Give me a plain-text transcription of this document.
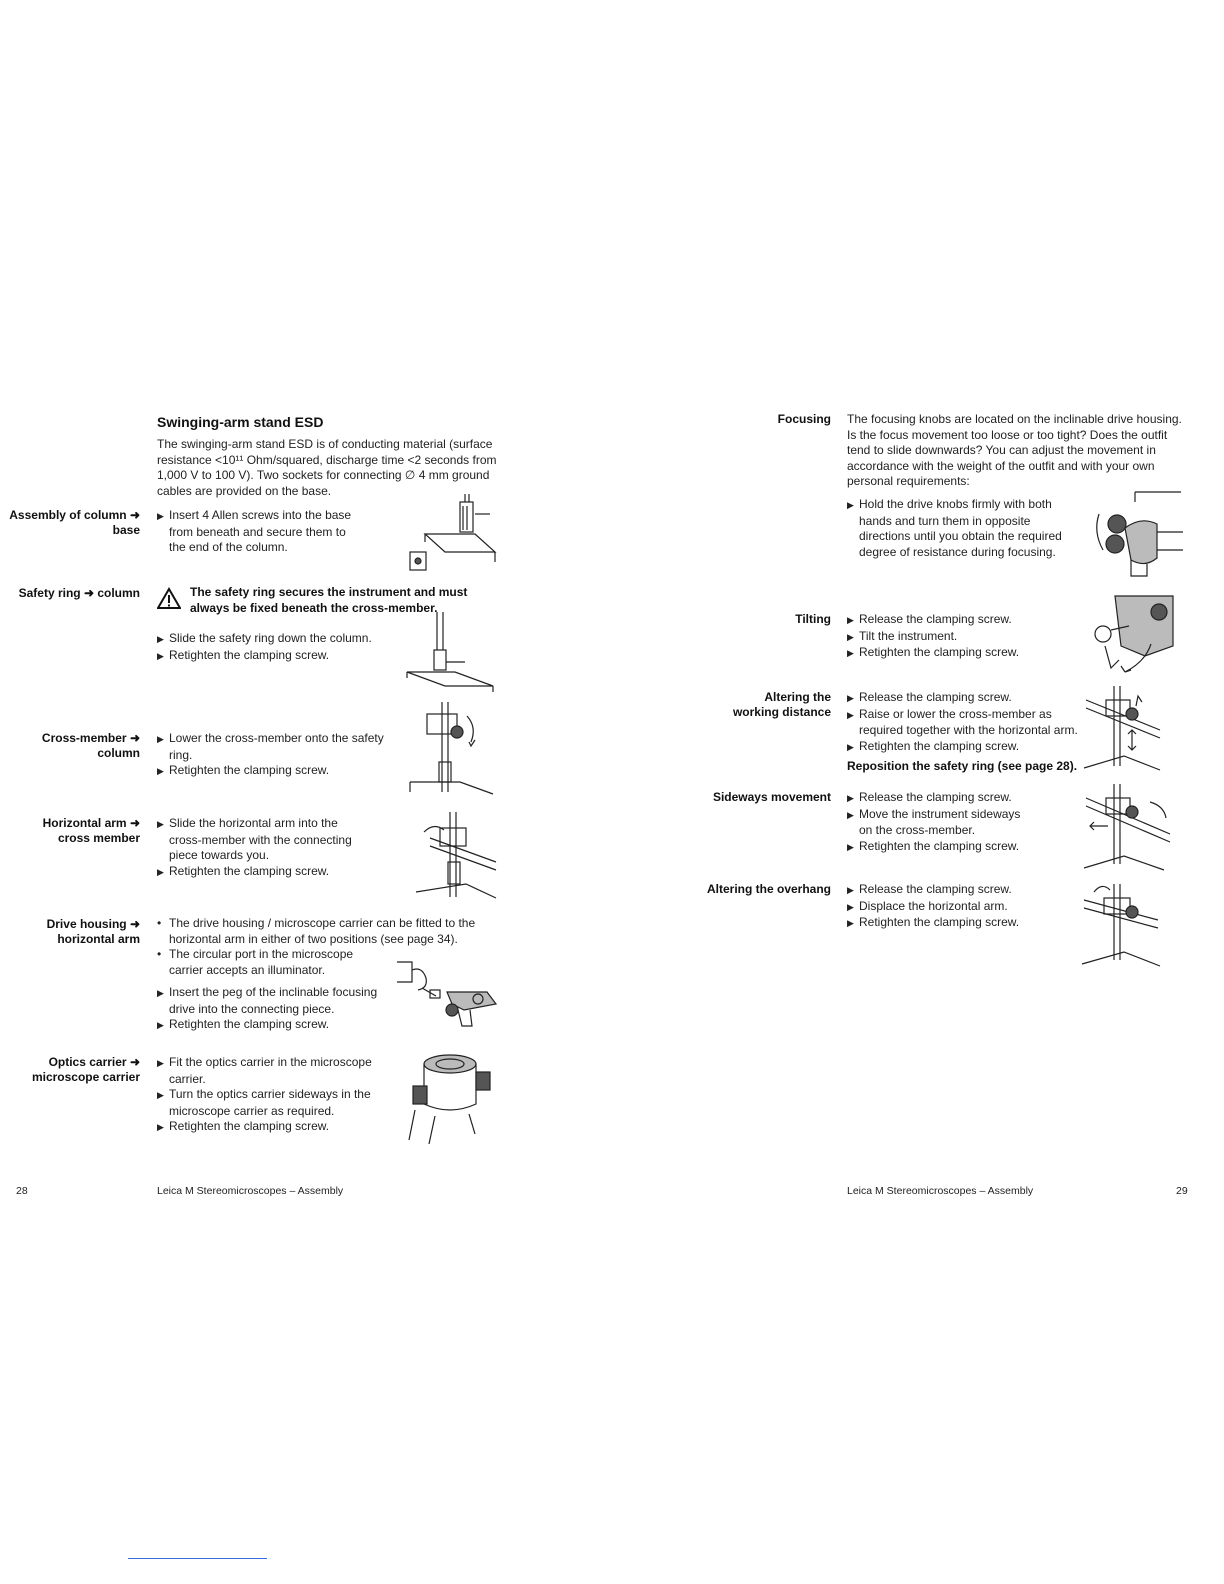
Swinging-arm stand ESD
The swinging-arm stand ESD is of conducting material (surface
resistance <10¹¹ Ohm/squared, discharge time <2 seconds from
1,000 V to 100 V). Two sockets for connecting ∅ 4 mm ground
cables are provided on the base.
Assembly of column ➜
base
▶ Insert 4 Allen screws into the base from beneath and secure them to the end of the column.
Safety ring ➜ column	The safety ring secures the instrument and must always be fixed beneath the cross-member.
▶ Slide the safety ring down the column.
▶ Retighten the clamping screw.
Cross-member ➜
column
▶ Lower the cross-member onto the safety ring.
▶ Retighten the clamping screw.
Horizontal arm ➜
cross member
▶ Slide the horizontal arm into the cross-member with the connecting piece towards you.
▶ Retighten the clamping screw.
Drive housing ➜
horizontal arm
• The drive housing / microscope carrier can be fitted to the horizontal arm in either of two positions (see page 34).
• The circular port in the microscope carrier accepts an illuminator.
▶ Insert the peg of the inclinable focusing drive into the connecting piece.
▶ Retighten the clamping screw.
Optics carrier ➜
microscope carrier
▶ Fit the optics carrier in the microscope carrier.
▶ Turn the optics carrier sideways in the microscope carrier as required.
▶ Retighten the clamping screw.
28	Leica M Stereomicroscopes – Assembly
Focusing The focusing knobs are located on the inclinable drive housing.
Is the focus movement too loose or too tight? Does the outfit
tend to slide downwards? You can adjust the movement in
accordance with the weight of the outfit and with your own
personal requirements:
▶ Hold the drive knobs firmly with both hands and turn them in opposite directions until you obtain the required degree of resistance during focusing.
Tilting	▶ Release the clamping screw.
▶ Tilt the instrument.
▶ Retighten the clamping screw.
Altering the
working distance
▶ Release the clamping screw.
▶ Raise or lower the cross-member as required together with the horizontal arm.
▶ Retighten the clamping screw.
Reposition the safety ring (see page 28).
Sideways movement	▶ Release the clamping screw.
▶ Move the instrument sideways on the cross-member.
▶ Retighten the clamping screw.
Altering the overhang	▶ Release the clamping screw.
▶ Displace the horizontal arm.
▶ Retighten the clamping screw.
Leica M Stereomicroscopes – Assembly	29
